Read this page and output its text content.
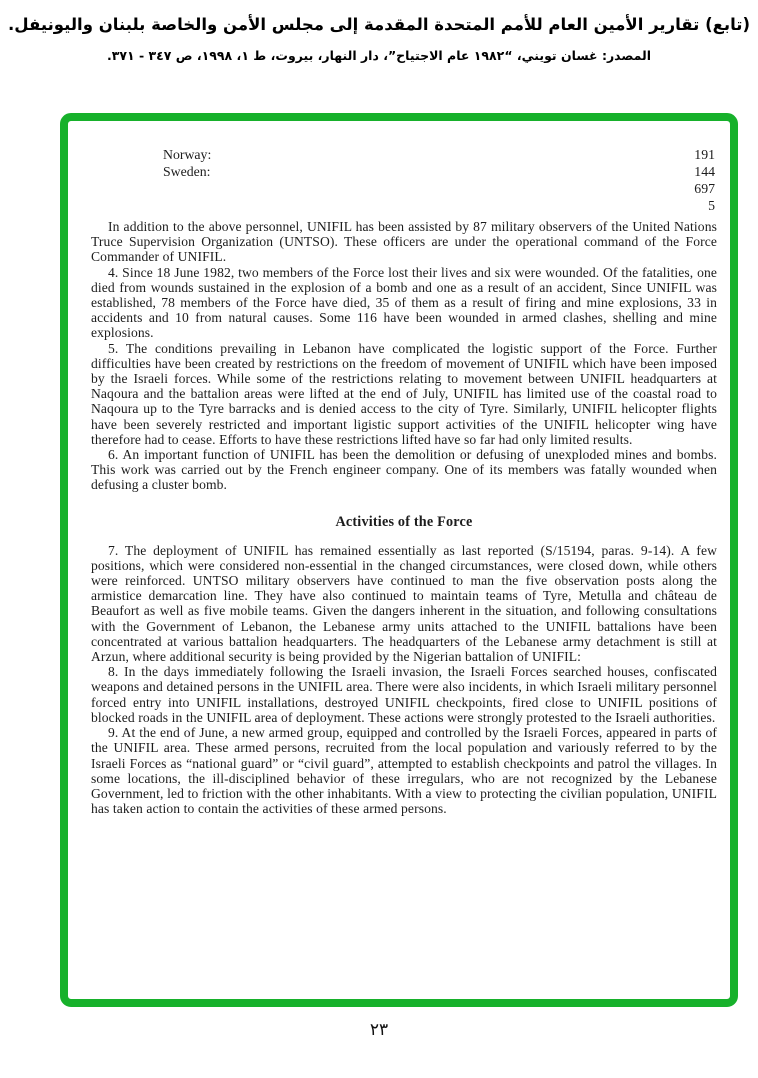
(تابع) تقارير الأمين العام للأمم المتحدة المقدمة إلى مجلس الأمن والخاصة بلبنان واليونيفل.
المصدر: غسان تويني، “١٩٨٢ عام الاجتياح”، دار النهار، بيروت، ط ١، ١٩٩٨، ص ٣٤٧ - ٣٧١.
Norway:	191
Sweden:	144
697
5

In addition to the above personnel, UNIFIL has been assisted by 87 military observers of the United Nations Truce Supervision Organization (UNTSO). These officers are under the operational command of the Force Commander of UNIFIL.

4. Since 18 June 1982, two members of the Force lost their lives and six were wounded. Of the fatalities, one died from wounds sustained in the explosion of a bomb and one as a result of an accident, Since UNIFIL was established, 78 members of the Force have died, 35 of them as a result of firing and mine explosions, 33 in accidents and 10 from natural causes. Some 116 have been wounded in armed clashes, shelling and mine explosions.

5. The conditions prevailing in Lebanon have complicated the logistic support of the Force. Further difficulties have been created by restrictions on the freedom of movement of UNIFIL which have been imposed by the Israeli forces. While some of the restrictions relating to movement between UNIFIL headquarters at Naqoura and the battalion areas were lifted at the end of July, UNIFIL has limited use of the coastal road to Naqoura up to the Tyre barracks and is denied access to the city of Tyre. Similarly, UNIFIL helicopter flights have been severely restricted and important ligistic support activities of the UNIFIL helicopter wing have therefore had to cease. Efforts to have these restrictions lifted have so far had only limited results.

6. An important function of UNIFIL has been the demolition or defusing of unexploded mines and bombs. This work was carried out by the French engineer company. One of its members was fatally wounded when defusing a cluster bomb.

Activities of the Force

7. The deployment of UNIFIL has remained essentially as last reported (S/15194, paras. 9-14). A few positions, which were considered non-essential in the changed circumstances, were closed down, while others were reinforced. UNTSO military observers have continued to man the five observation posts along the armistice demarcation line. They have also continued to maintain teams of Tyre, Metulla and château de Beaufort as well as five mobile teams. Given the dangers inherent in the situation, and following consultations with the Government of Lebanon, the Lebanese army units attached to the UNIFIL battalions have been concentrated at various battalion headquarters. The headquarters of the Lebanese army detachment is still at Arzun, where additional security is being provided by the Nigerian battalion of UNIFIL:

8. In the days immediately following the Israeli invasion, the Israeli Forces searched houses, confiscated weapons and detained persons in the UNIFIL area. There were also incidents, in which Israeli military personnel forced entry into UNIFIL installations, destroyed UNIFIL checkpoints, fired close to UNIFIL positions of blocked roads in the UNIFIL area of deployment. These actions were strongly protested to the Israeli authorities.

9. At the end of June, a new armed group, equipped and controlled by the Israeli Forces, appeared in parts of the UNIFIL area. These armed persons, recruited from the local population and variously referred to by the Israeli Forces as “national guard” or “civil guard”, attempted to establish checkpoints and patrol the villages. In some locations, the ill-disciplined behavior of these irregulars, who are not recognized by the Lebanese Government, led to friction with the other inhabitants. With a view to protecting the civilian population, UNIFIL has taken action to contain the activities of these armed persons.

٢٣
